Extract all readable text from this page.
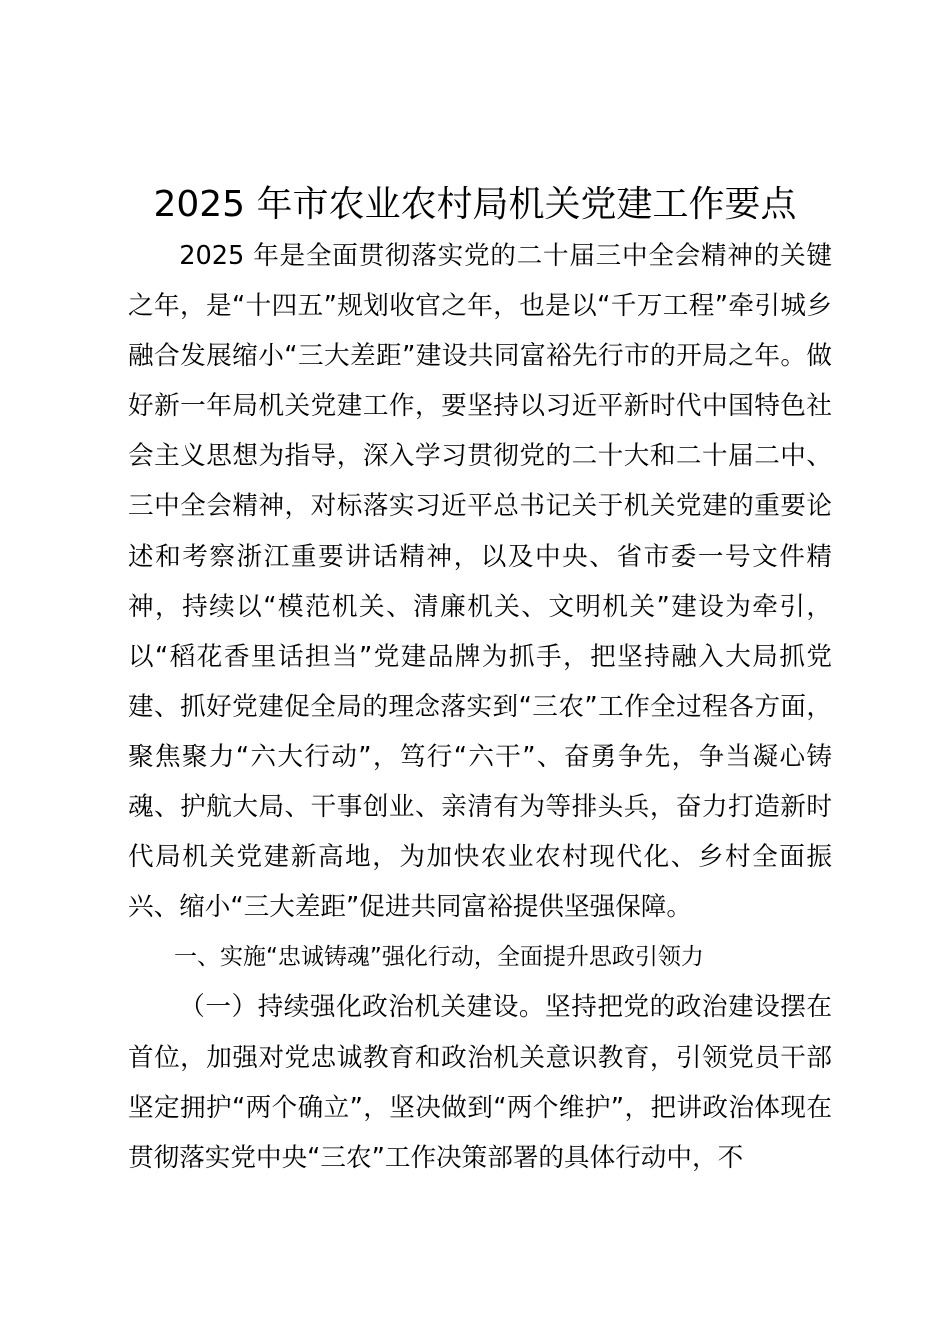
2025 年市农业农村局机关党建工作要点

2025 年是全面贯彻落实党的二十届三中全会精神的关键之年，是“十四五”规划收官之年，也是以“千万工程”牵引城乡融合发展缩小“三大差距”建设共同富裕先行市的开局之年。做好新一年局机关党建工作，要坚持以习近平新时代中国特色社会主义思想为指导，深入学习贯彻党的二十大和二十届二中、三中全会精神，对标落实习近平总书记关于机关党建的重要论述和考察浙江重要讲话精神，以及中央、省市委一号文件精神，持续以“模范机关、清廉机关、文明机关”建设为牵引，以“稻花香里话担当”党建品牌为抓手，把坚持融入大局抓党建、抓好党建促全局的理念落实到“三农”工作全过程各方面，聚焦聚力“六大行动”，笃行“六干”、奋勇争先，争当凝心铸魂、护航大局、干事创业、亲清有为等排头兵，奋力打造新时代局机关党建新高地，为加快农业农村现代化、乡村全面振兴、缩小“三大差距”促进共同富裕提供坚强保障。

一、实施“忠诚铸魂”强化行动，全面提升思政引领力

（一）持续强化政治机关建设。坚持把党的政治建设摆在首位，加强对党忠诚教育和政治机关意识教育，引领党员干部坚定拥护“两个确立”，坚决做到“两个维护”，把讲政治体现在贯彻落实党中央“三农”工作决策部署的具体行动中，不
